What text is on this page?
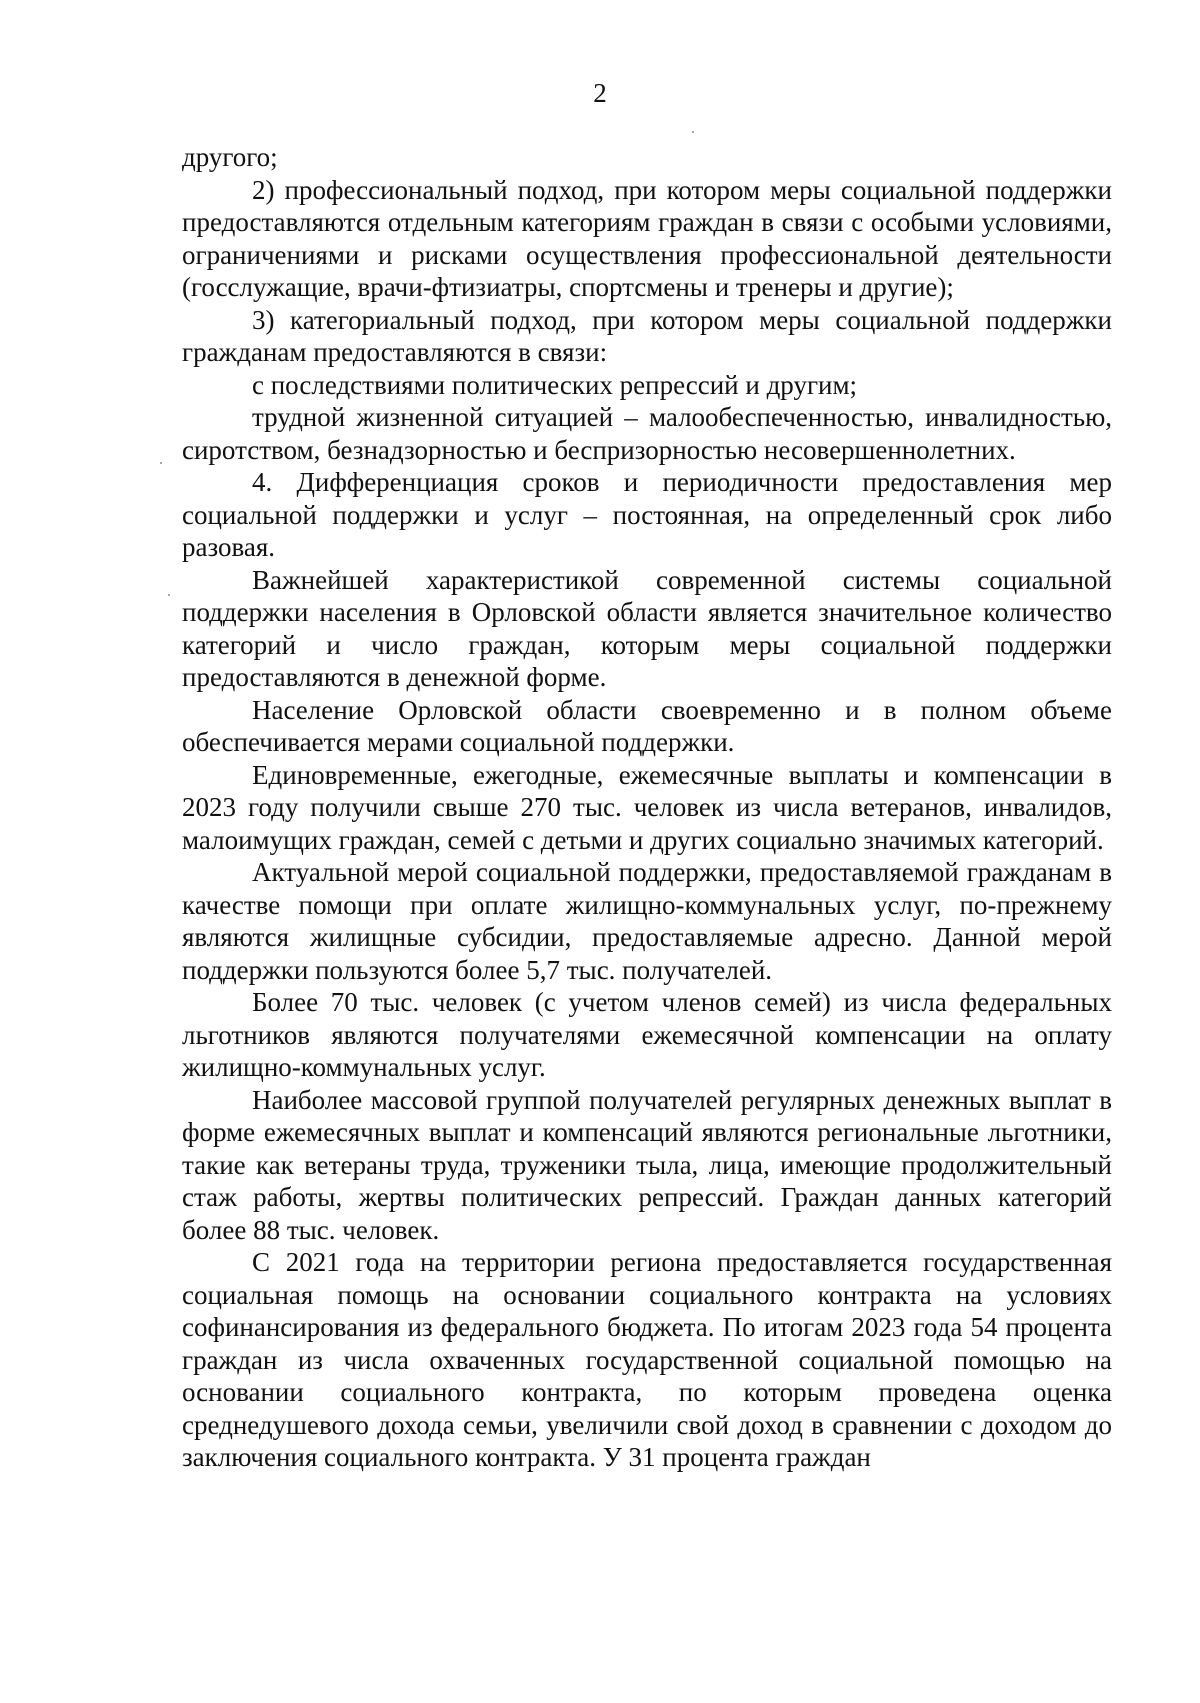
2

другого;

2) профессиональный подход, при котором меры социальной поддержки предоставляются отдельным категориям граждан в связи с особыми условиями, ограничениями и рисками осуществления профессиональной деятельности (госслужащие, врачи-фтизиатры, спортсмены и тренеры и другие);

3) категориальный подход, при котором меры социальной поддержки гражданам предоставляются в связи:

с последствиями политических репрессий и другим;

трудной жизненной ситуацией – малообеспеченностью, инвалидностью, сиротством, безнадзорностью и беспризорностью несовершеннолетних.

4. Дифференциация сроков и периодичности предоставления мер социальной поддержки и услуг – постоянная, на определенный срок либо разовая.

Важнейшей характеристикой современной системы социальной поддержки населения в Орловской области является значительное количество категорий и число граждан, которым меры социальной поддержки предоставляются в денежной форме.

Население Орловской области своевременно и в полном объеме обеспечивается мерами социальной поддержки.

Единовременные, ежегодные, ежемесячные выплаты и компенсации в 2023 году получили свыше 270 тыс. человек из числа ветеранов, инвалидов, малоимущих граждан, семей с детьми и других социально значимых категорий.

Актуальной мерой социальной поддержки, предоставляемой гражданам в качестве помощи при оплате жилищно-коммунальных услуг, по-прежнему являются жилищные субсидии, предоставляемые адресно. Данной мерой поддержки пользуются более 5,7 тыс. получателей.

Более 70 тыс. человек (с учетом членов семей) из числа федеральных льготников являются получателями ежемесячной компенсации на оплату жилищно-коммунальных услуг.

Наиболее массовой группой получателей регулярных денежных выплат в форме ежемесячных выплат и компенсаций являются региональные льготники, такие как ветераны труда, труженики тыла, лица, имеющие продолжительный стаж работы, жертвы политических репрессий. Граждан данных категорий более 88 тыс. человек.

С 2021 года на территории региона предоставляется государственная социальная помощь на основании социального контракта на условиях софинансирования из федерального бюджета. По итогам 2023 года 54 процента граждан из числа охваченных государственной социальной помощью на основании социального контракта, по которым проведена оценка среднедушевого дохода семьи, увеличили свой доход в сравнении с доходом до заключения социального контракта. У 31 процента граждан
